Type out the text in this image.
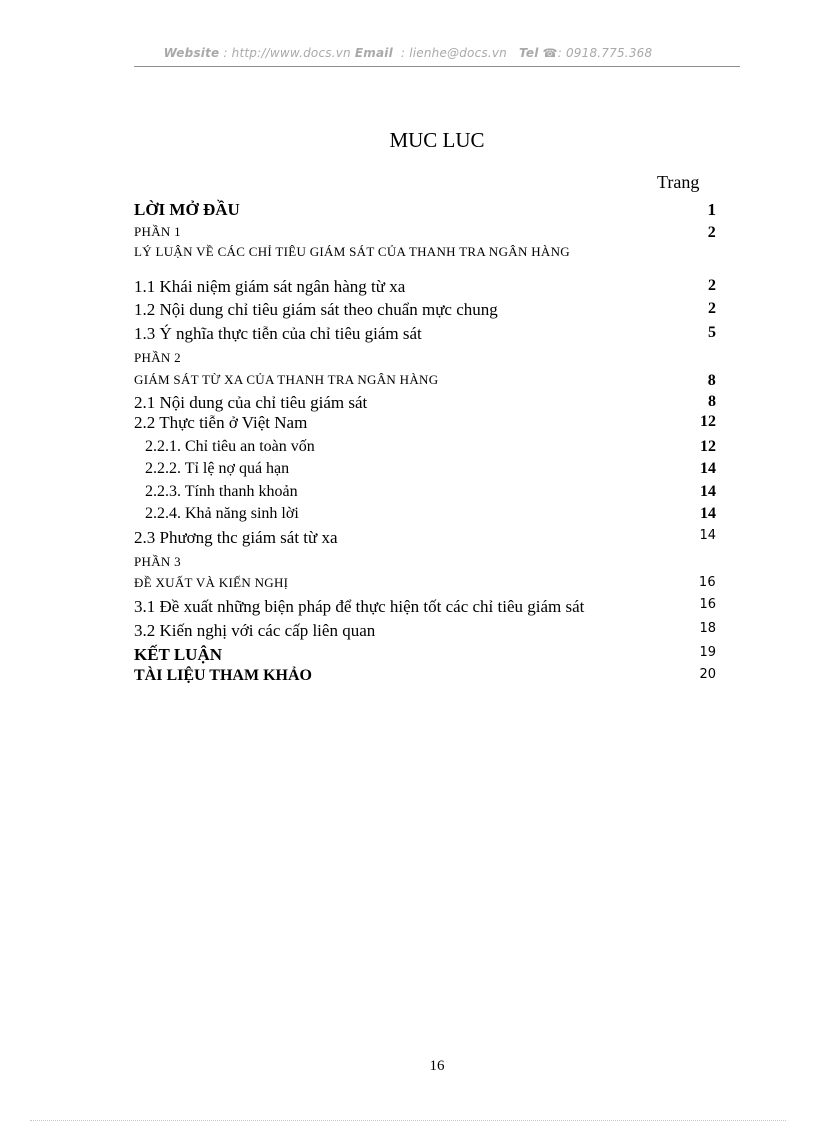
Website : http://www.docs.vn Email  : lienhe@docs.vn Tel ☎: 0918.775.368
MUC LUC
Trang
LỜI MỞ ĐẦU	1
PHẦN 1	2
LÝ LUẬN VỀ CÁC CHỈ TIÊU GIÁM SÁT CỦA THANH TRA NGÂN HÀNG
1.1 Khái niệm giám sát ngân hàng từ xa	2
1.2 Nội dung chỉ tiêu giám sát theo chuẩn mực chung	2
1.3 Ý nghĩa thực tiễn của chỉ tiêu giám sát	5
PHẦN 2
GIÁM SÁT TỪ XA CỦA THANH TRA NGÂN HÀNG	8
2.1 Nội dung của chỉ tiêu giám sát	8
2.2 Thực tiễn ở Việt Nam	12
2.2.1. Chỉ tiêu an toàn vốn	12
2.2.2. Tỉ lệ nợ quá hạn	14
2.2.3. Tính thanh khoản	14
2.2.4. Khả năng sinh lời	14
2.3 Phương thc giám sát từ xa	14
PHẦN 3
ĐỀ XUẤT VÀ KIẾN NGHỊ	16
3.1 Đề xuất những biện pháp để thực hiện tốt các chỉ tiêu giám sát	16
3.2 Kiến nghị với các cấp liên quan	18
KẾT LUẬN	19
TÀI LIỆU THAM KHẢO	20
16
